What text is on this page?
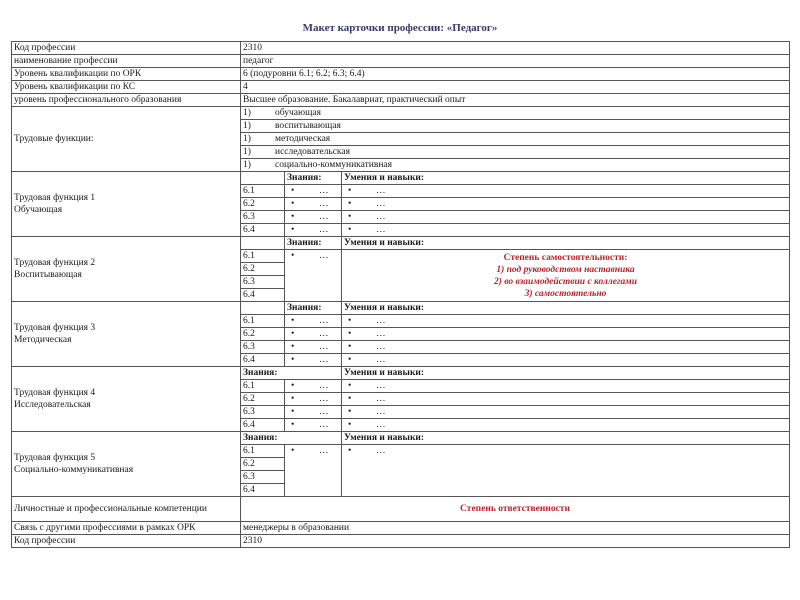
Макет карточки профессии: «Педагог»
Код профессии	2310		
наименование профессии	педагог		
Уровень квалификации по ОРК	6 (подуровни 6.1; 6.2; 6.3; 6.4)		
Уровень квалификации по КС	4		
уровень профессионального образования	Высшее образование. Бакалавриат, практический опыт		
Трудовые функции:	1) обучающая		
	1) воспитывающая		
	1) методическая		
	1) исследовательская		
	1) социально-коммуникативная		

Трудовая функция 1
Обучающая		Знания:	Умения и навыки:
	6.1	• …	• …
	6.2	• …	• …
	6.3	• …	• …
	6.4	• …	• …

Трудовая функция 2
Воспитывающая		Знания:	Умения и навыки:
	6.1	• …	Степень самостоятельности:
1) под руководством наставника
2) во взаимодействии с коллегами
3) самостоятельно

	6.2		
	6.3		
	6.4		

Трудовая функция 3
Методическая		Знания:	Умения и навыки:
	6.1	• …	• …
	6.2	• …	• …
	6.3	• …	• …
	6.4	• …	• …

Трудовая функция 4
Исследовательская	Знания:		Умения и навыки:
	6.1	• …	• …
	6.2	• …	• …
	6.3	• …	• …
	6.4	• …	• …

Трудовая функция 5
Социально-коммуникативная	Знания:		Умения и навыки:
	6.1	• …	• …
	6.2		
	6.3		
	6.4		
Личностные и профессиональные компетенции	Степень ответственности		
Связь с другими профессиями в рамках ОРК	менеджеры в образовании		
Код профессии	2310		
